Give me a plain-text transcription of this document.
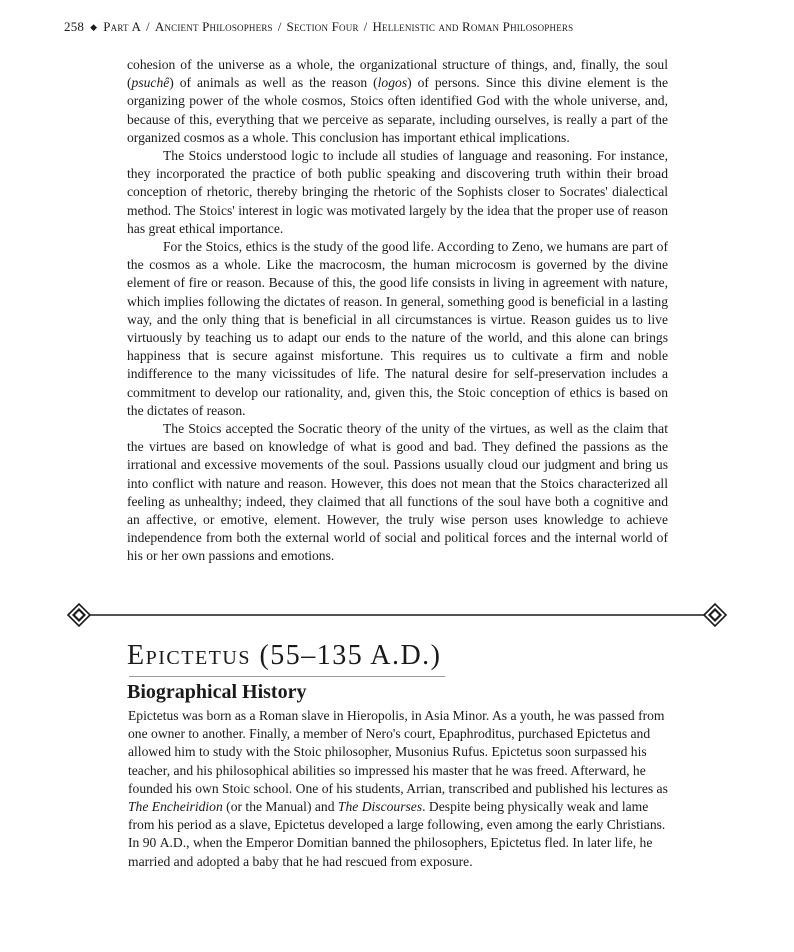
258 ◆ Part A / Ancient Philosophers / Section Four / Hellenistic and Roman Philosophers

cohesion of the universe as a whole, the organizational structure of things, and, finally, the soul (psuchê) of animals as well as the reason (logos) of persons. Since this divine element is the organizing power of the whole cosmos, Stoics often identified God with the whole universe, and, because of this, everything that we perceive as separate, including ourselves, is really a part of the organized cosmos as a whole. This conclusion has important ethical implications.

The Stoics understood logic to include all studies of language and reasoning. For instance, they incorporated the practice of both public speaking and discovering truth within their broad conception of rhetoric, thereby bringing the rhetoric of the Sophists closer to Socrates' dialectical method. The Stoics' interest in logic was motivated largely by the idea that the proper use of reason has great ethical importance.

For the Stoics, ethics is the study of the good life. According to Zeno, we humans are part of the cosmos as a whole. Like the macrocosm, the human microcosm is governed by the divine element of fire or reason. Because of this, the good life consists in living in agreement with nature, which implies following the dictates of reason. In general, something good is beneficial in a lasting way, and the only thing that is beneficial in all circumstances is virtue. Reason guides us to live virtuously by teaching us to adapt our ends to the nature of the world, and this alone can brings happiness that is secure against misfortune. This requires us to cultivate a firm and noble indifference to the many vicissitudes of life. The natural desire for self-preservation includes a commitment to develop our rationality, and, given this, the Stoic conception of ethics is based on the dictates of reason.

The Stoics accepted the Socratic theory of the unity of the virtues, as well as the claim that the virtues are based on knowledge of what is good and bad. They defined the passions as the irrational and excessive movements of the soul. Passions usually cloud our judgment and bring us into conflict with nature and reason. However, this does not mean that the Stoics characterized all feeling as unhealthy; indeed, they claimed that all functions of the soul have both a cognitive and an affective, or emotive, element. However, the truly wise person uses knowledge to achieve independence from both the external world of social and political forces and the internal world of his or her own passions and emotions.

Epictetus (55–135 A.D.)
Biographical History

Epictetus was born as a Roman slave in Hieropolis, in Asia Minor. As a youth, he was passed from one owner to another. Finally, a member of Nero's court, Epaphroditus, purchased Epictetus and allowed him to study with the Stoic philosopher, Musonius Rufus. Epictetus soon surpassed his teacher, and his philosophical abilities so impressed his master that he was freed. Afterward, he founded his own Stoic school. One of his students, Arrian, transcribed and published his lectures as The Encheiridion (or the Manual) and The Discourses. Despite being physically weak and lame from his period as a slave, Epictetus developed a large following, even among the early Christians. In 90 A.D., when the Emperor Domitian banned the philosophers, Epictetus fled. In later life, he married and adopted a baby that he had rescued from exposure.
